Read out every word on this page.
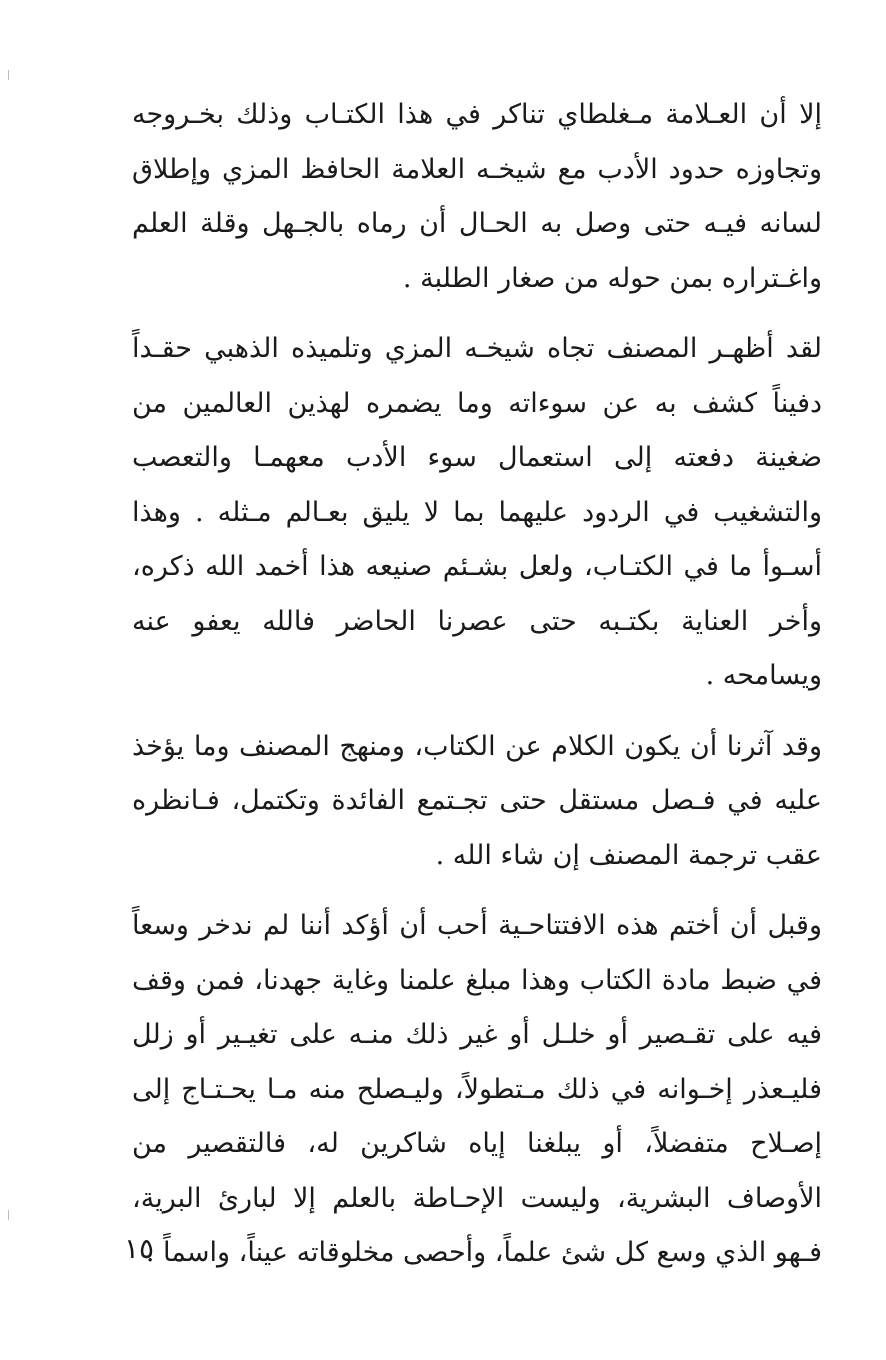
إلا أن العـلامة مـغلطاي تناكر في هذا الكتـاب وذلك بخـروجه وتجاوزه حدود الأدب مع شيخـه العلامة الحافظ المزي وإطلاق لسانه فيـه حتى وصل به الحـال أن رماه بالجـهل وقلة العلم واغـتراره بمن حوله من صغار الطلبة .

لقد أظهـر المصنف تجاه شيخـه المزي وتلميذه الذهبي حقـداً دفيناً كشف به عن سوءاته وما يضمره لهذين العالمين من ضغينة دفعته إلى استعمال سوء الأدب معهمـا والتعصب والتشغيب في الردود عليهما بما لا يليق بعـالم مـثله . وهذا أسـوأ ما في الكتـاب، ولعل بشـئم صنيعه هذا أخمد الله ذكره، وأخر العناية بكتـبه حتى عصرنا الحاضر فالله يعفو عنه ويسامحه .

وقد آثرنا أن يكون الكلام عن الكتاب، ومنهج المصنف وما يؤخذ عليه في فـصل مستقل حتى تجـتمع الفائدة وتكتمل، فـانظره عقب ترجمة المصنف إن شاء الله .

وقبل أن أختم هذه الافتتاحـية أحب أن أؤكد أننا لم ندخر وسعاً في ضبط مادة الكتاب وهذا مبلغ علمنا وغاية جهدنا، فمن وقف فيه على تقـصير أو خلـل أو غير ذلك منـه على تغيـير أو زلل فليـعذر إخـوانه في ذلك مـتطولاً، وليـصلح منه مـا يحـتـاج إلى إصـلاح متفضلاً، أو يبلغنا إياه شاكرين له، فالتقصير من الأوصاف البشرية، وليست الإحـاطة بالعلم إلا لبارئ البرية، فـهو الذي وسع كل شئ علماً، وأحصى مخلوقاته عيناً، واسماً .

١٥
